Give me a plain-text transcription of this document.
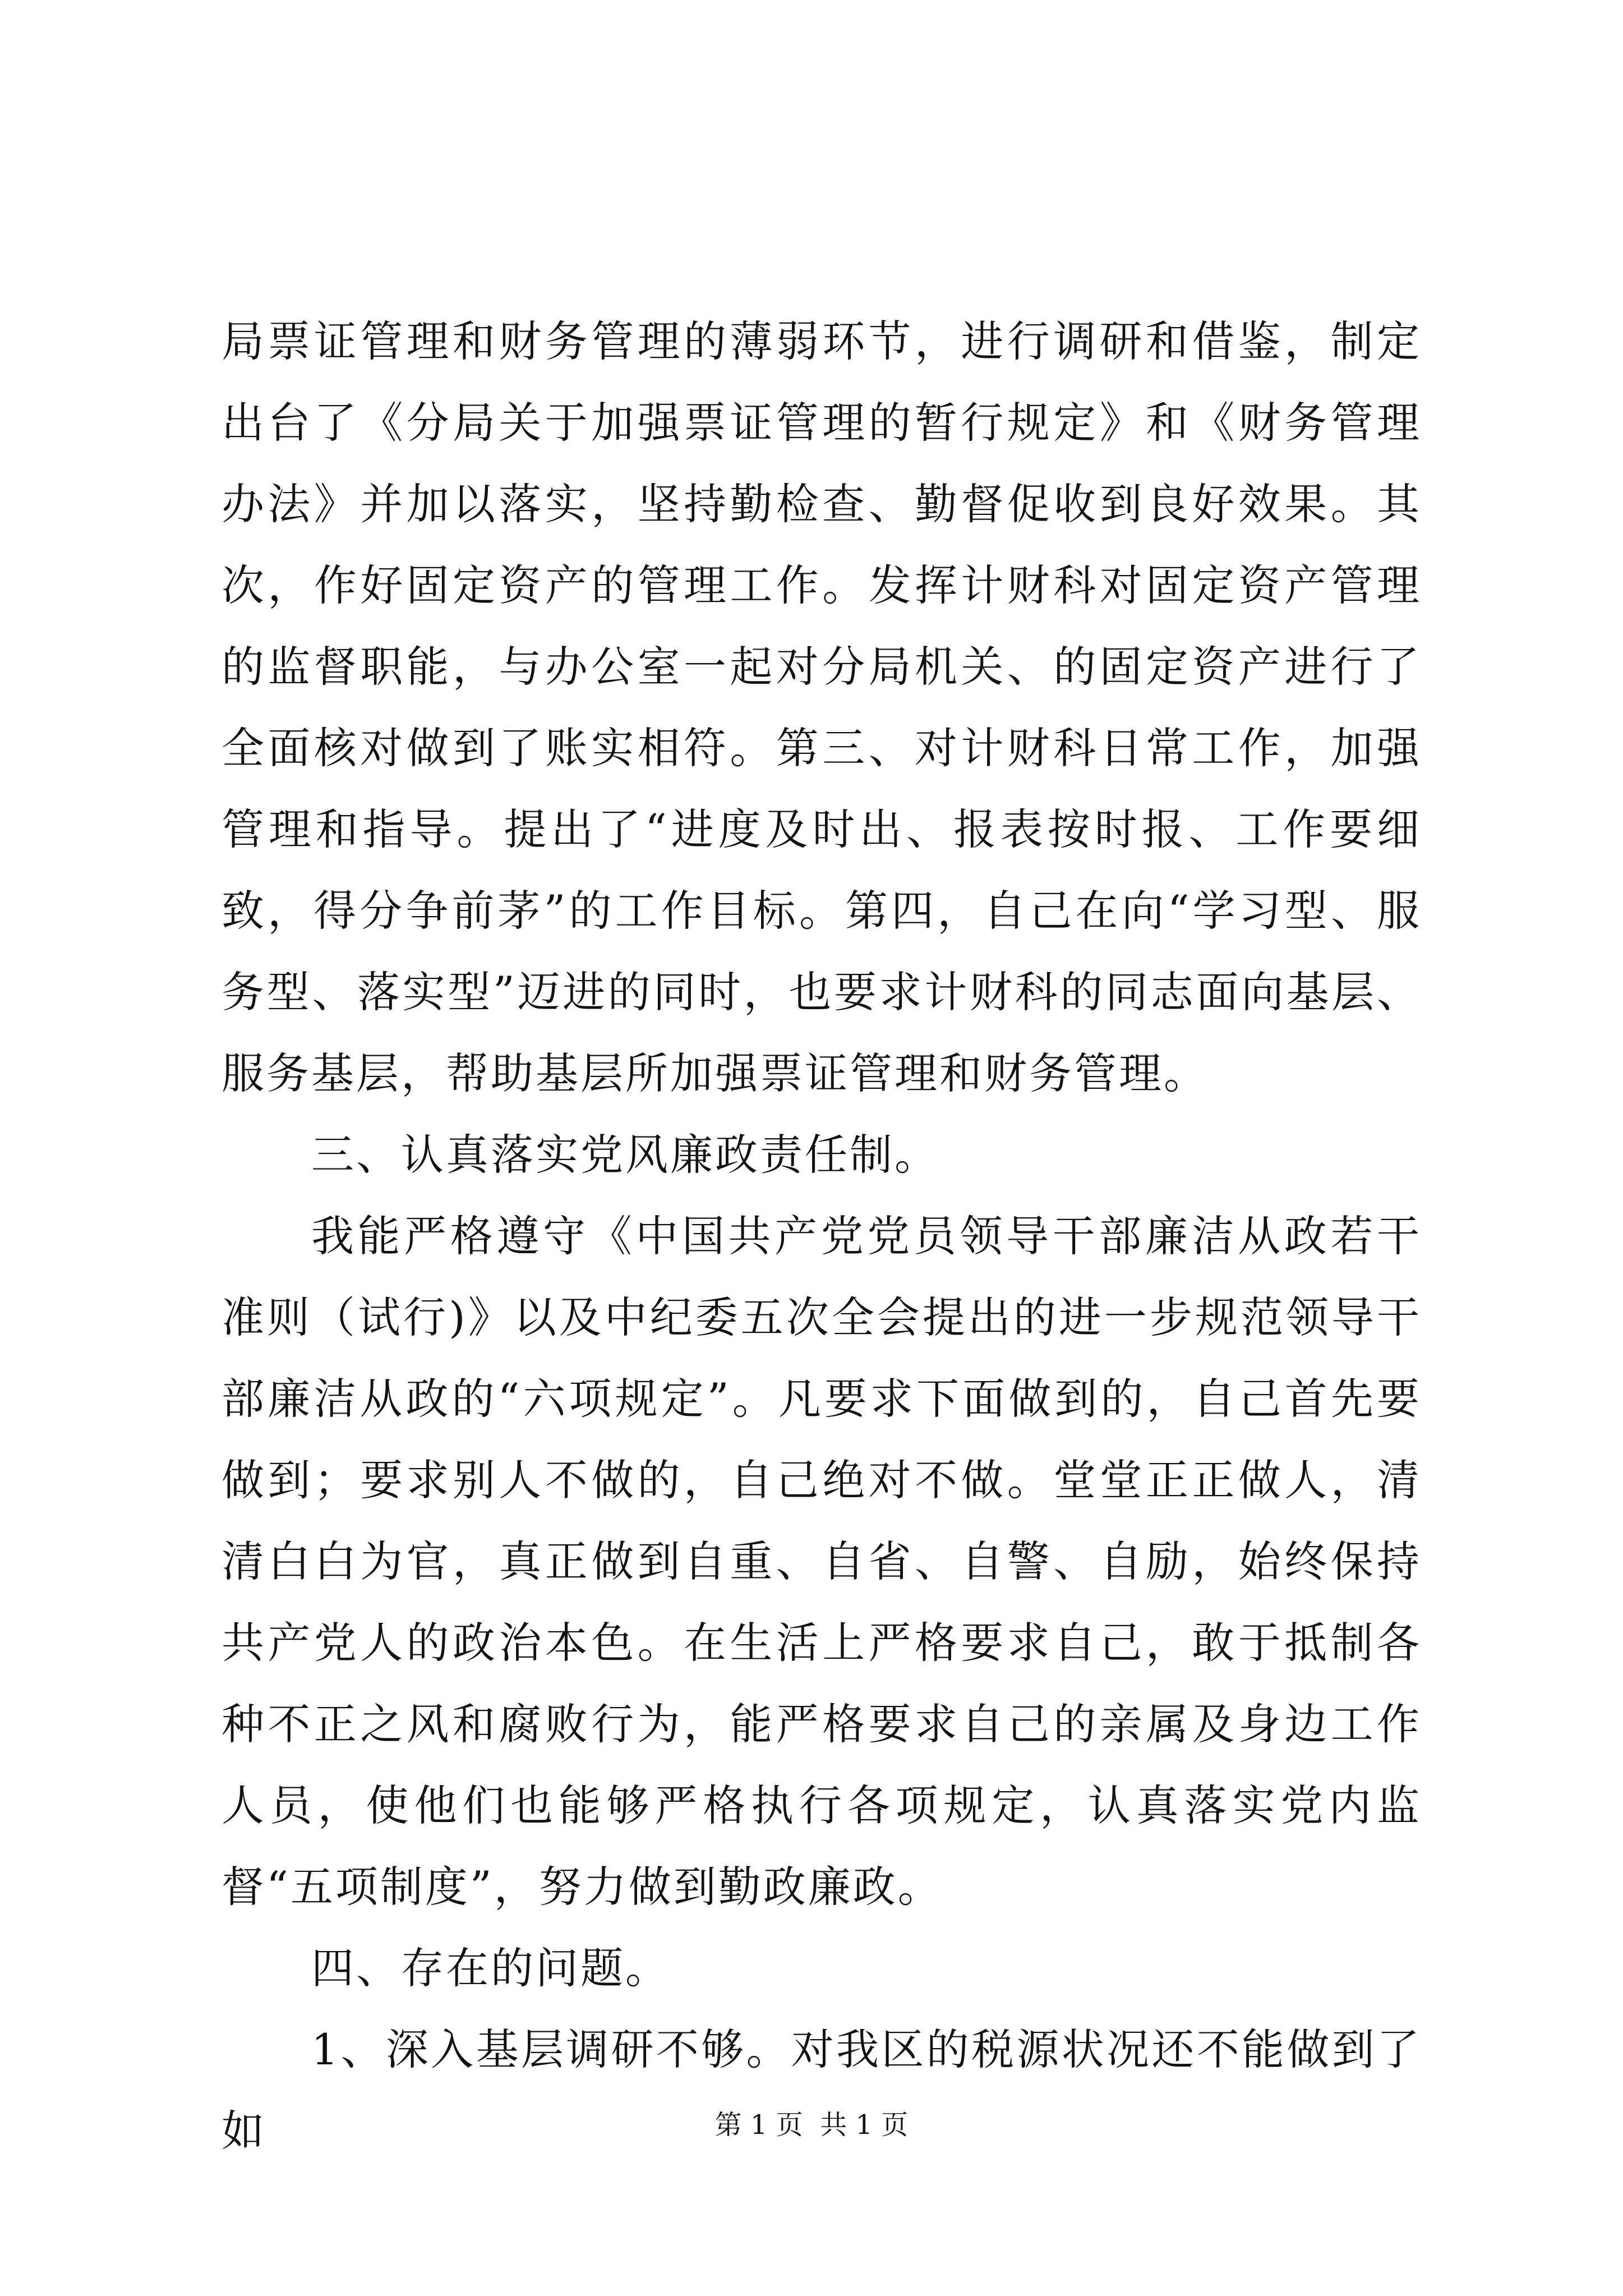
局票证管理和财务管理的薄弱环节，进行调研和借鉴，制定出台了《分局关于加强票证管理的暂行规定》和《财务管理办法》并加以落实，坚持勤检查、勤督促收到良好效果。其次，作好固定资产的管理工作。发挥计财科对固定资产管理的监督职能，与办公室一起对分局机关、的固定资产进行了全面核对做到了账实相符。第三、对计财科日常工作，加强管理和指导。提出了“进度及时出、报表按时报、工作要细致，得分争前茅”的工作目标。第四，自己在向“学习型、服务型、落实型”迈进的同时，也要求计财科的同志面向基层、服务基层，帮助基层所加强票证管理和财务管理。

三、认真落实党风廉政责任制。

我能严格遵守《中国共产党党员领导干部廉洁从政若干准则（试行)》以及中纪委五次全会提出的进一步规范领导干部廉洁从政的“六项规定”。凡要求下面做到的，自己首先要做到；要求别人不做的，自己绝对不做。堂堂正正做人，清清白白为官，真正做到自重、自省、自警、自励，始终保持共产党人的政治本色。在生活上严格要求自己，敢于抵制各种不正之风和腐败行为，能严格要求自己的亲属及身边工作人员，使他们也能够严格执行各项规定，认真落实党内监督“五项制度”，努力做到勤政廉政。

四、存在的问题。

1、深入基层调研不够。对我区的税源状况还不能做到了如	第 1 页  共 1 页
